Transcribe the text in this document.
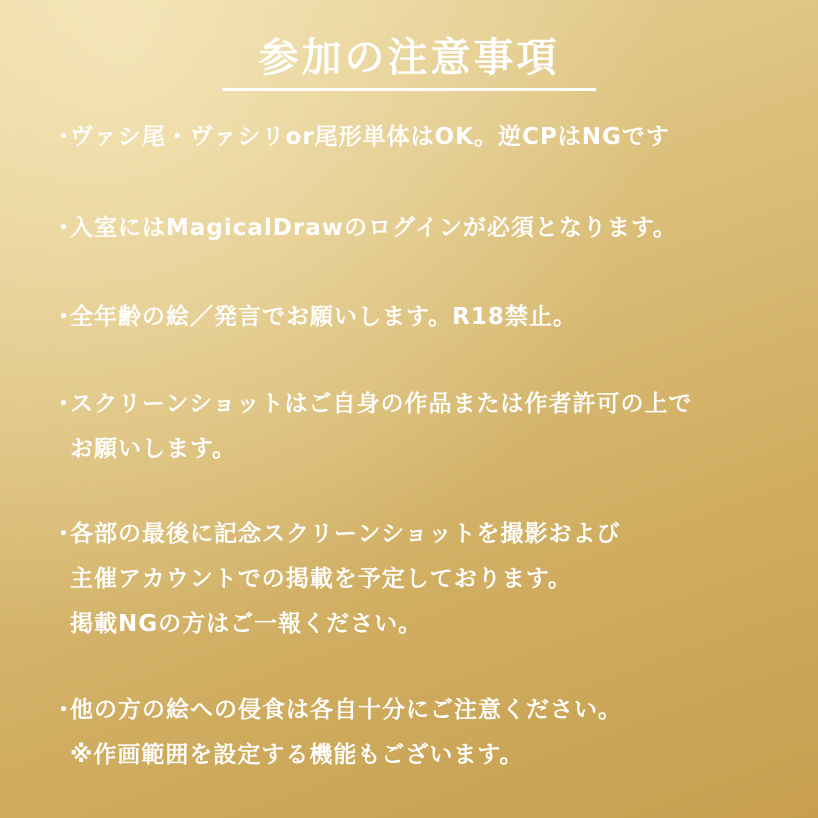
参加の注意事項
・ヴァシ尾・ヴァシリor尾形単体はOK。逆CPはNGです
・入室にはMagicalDrawのログインが必須となります。
・全年齢の絵／発言でお願いします。R18禁止。
・スクリーンショットはご自身の作品または作者許可の上で
お願いします。
・各部の最後に記念スクリーンショットを撮影および
主催アカウントでの掲載を予定しております。
掲載NGの方はご一報ください。
・他の方の絵への侵食は各自十分にご注意ください。
※作画範囲を設定する機能もございます。
